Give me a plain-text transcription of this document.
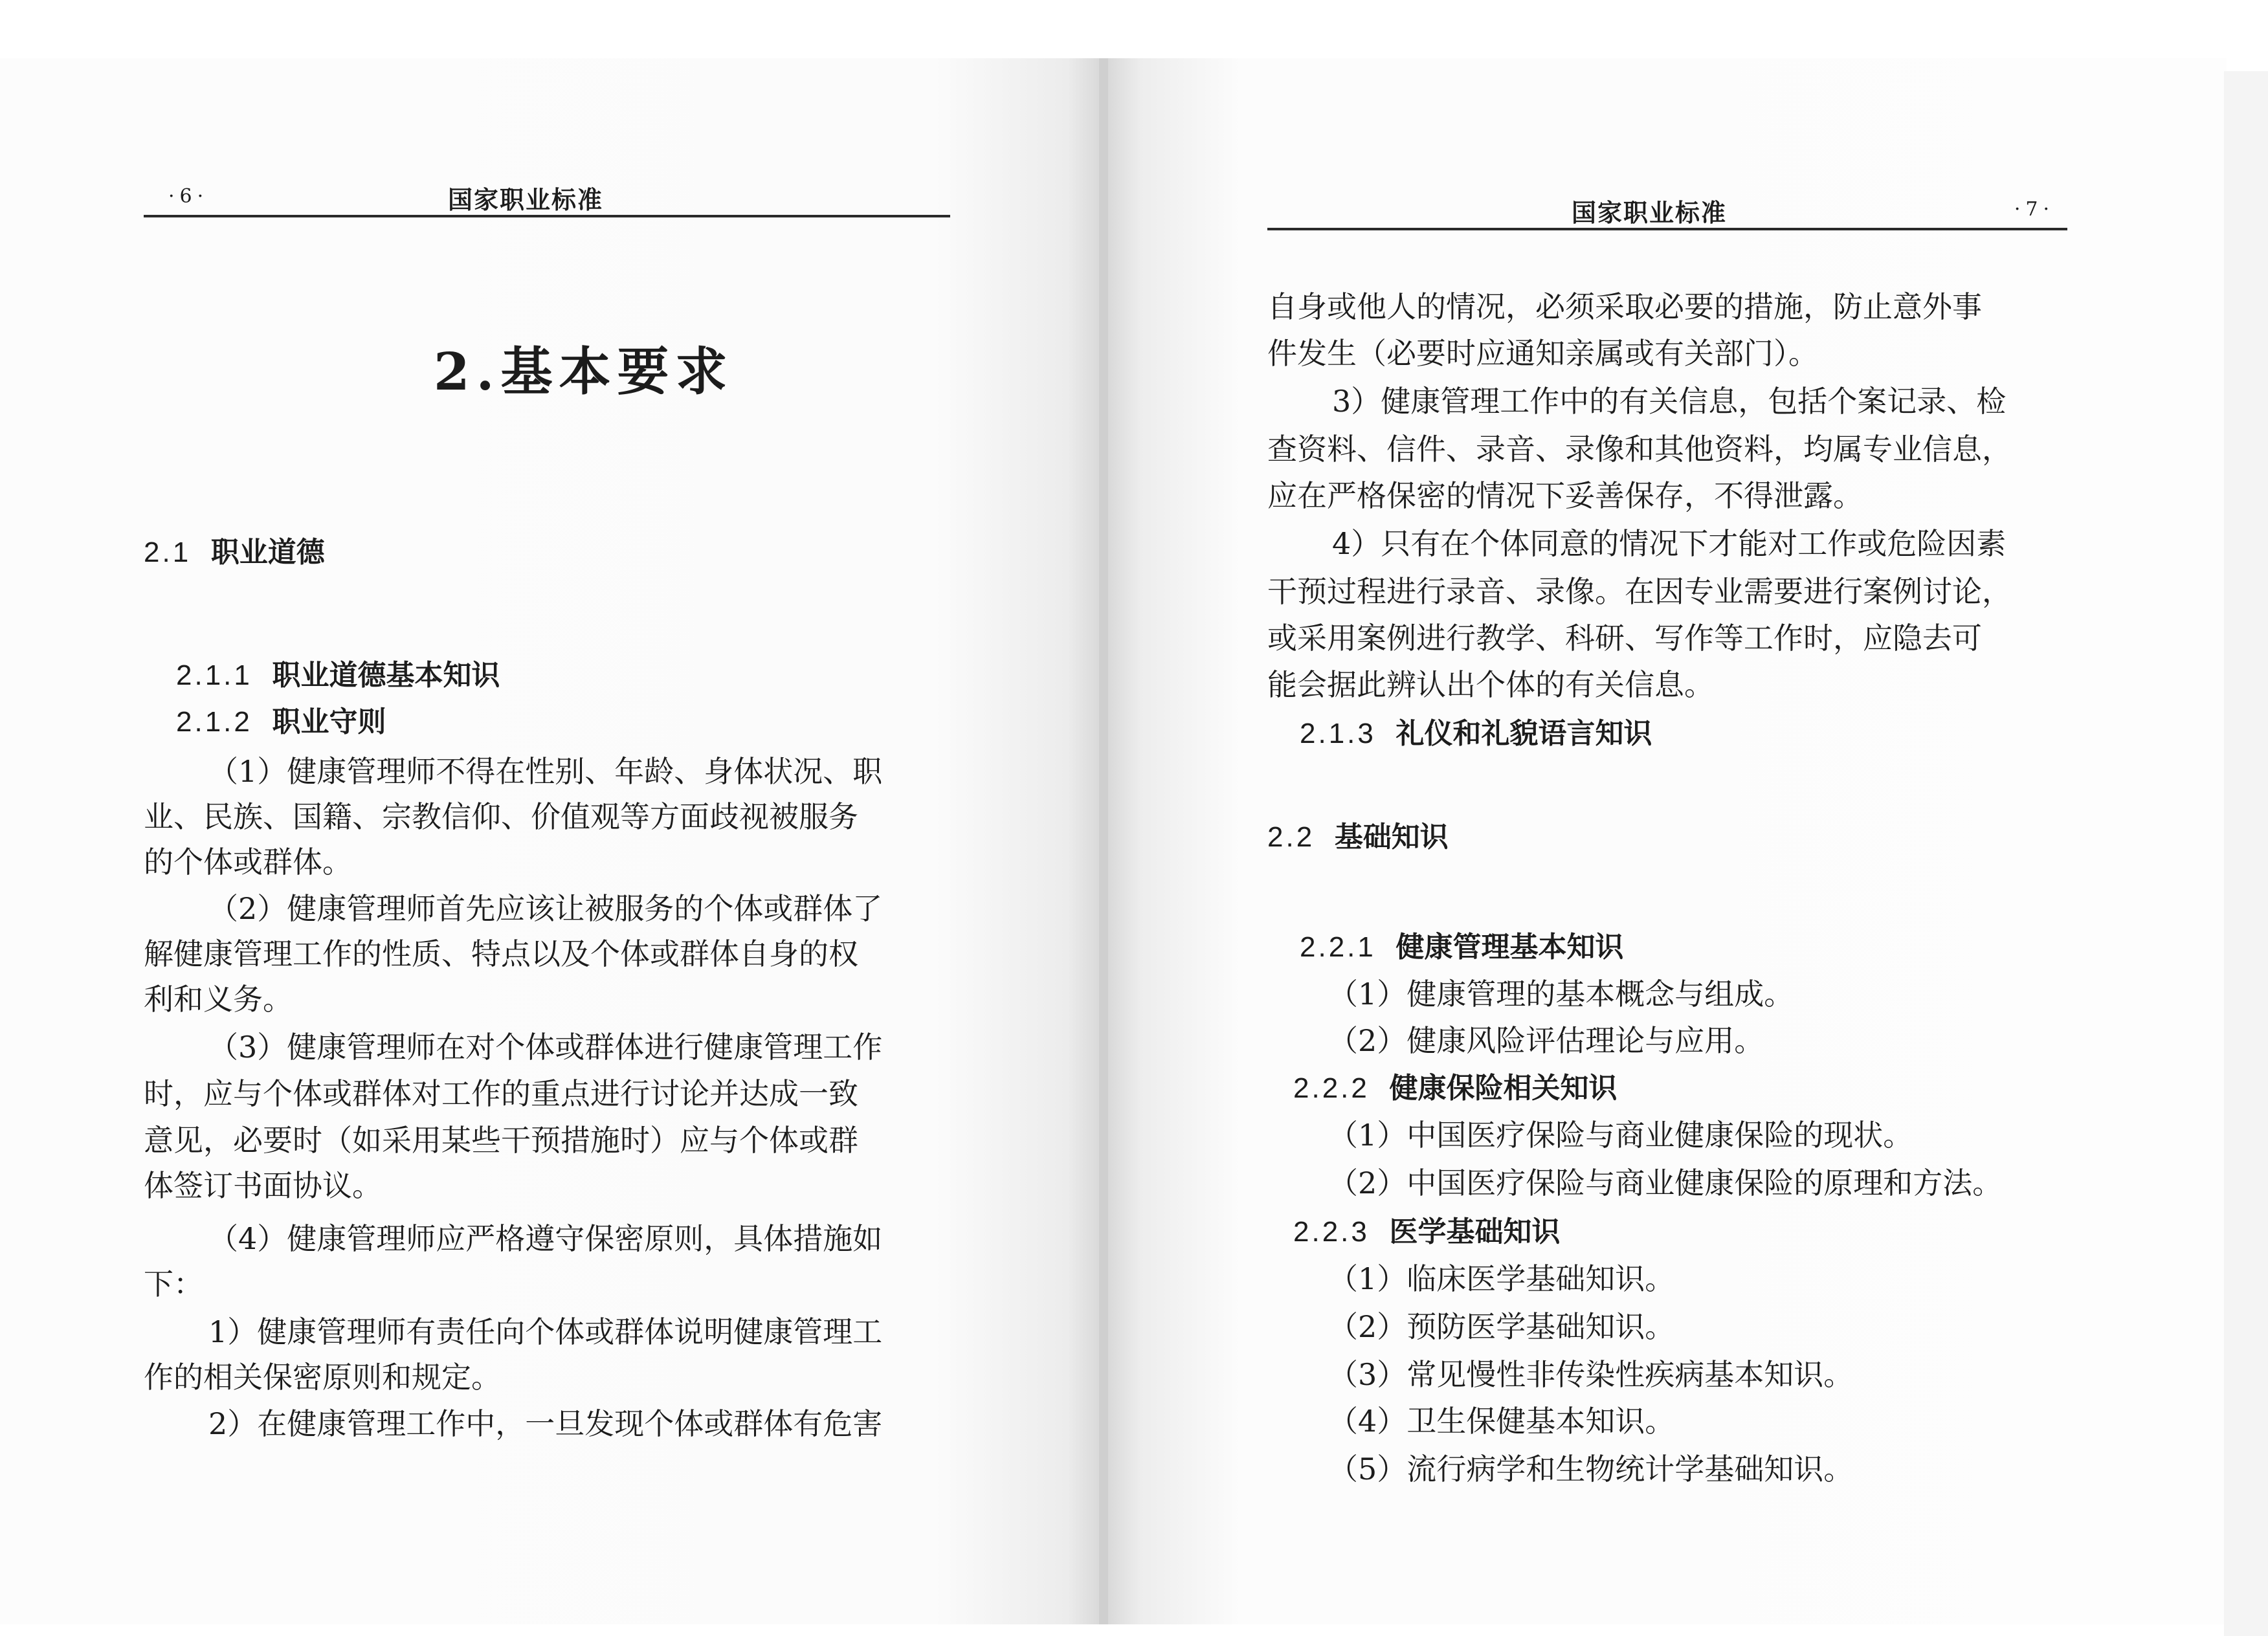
·6·	国家职业标准
2.基本要求
2.1 职业道德
2.1.1 职业道德基本知识
2.1.2 职业守则
（1）健康管理师不得在性别、年龄、身体状况、职
业、民族、国籍、宗教信仰、价值观等方面歧视被服务
的个体或群体。
（2）健康管理师首先应该让被服务的个体或群体了
解健康管理工作的性质、特点以及个体或群体自身的权
利和义务。
（3）健康管理师在对个体或群体进行健康管理工作
时，应与个体或群体对工作的重点进行讨论并达成一致
意见，必要时（如采用某些干预措施时）应与个体或群
体签订书面协议。
（4）健康管理师应严格遵守保密原则，具体措施如
下：
1）健康管理师有责任向个体或群体说明健康管理工
作的相关保密原则和规定。
2）在健康管理工作中，一旦发现个体或群体有危害
国家职业标准	·7·
自身或他人的情况，必须采取必要的措施，防止意外事
件发生（必要时应通知亲属或有关部门）。
3）健康管理工作中的有关信息，包括个案记录、检
查资料、信件、录音、录像和其他资料，均属专业信息，
应在严格保密的情况下妥善保存，不得泄露。
4）只有在个体同意的情况下才能对工作或危险因素
干预过程进行录音、录像。在因专业需要进行案例讨论，
或采用案例进行教学、科研、写作等工作时，应隐去可
能会据此辨认出个体的有关信息。
2.1.3 礼仪和礼貌语言知识
2.2 基础知识
2.2.1 健康管理基本知识
（1）健康管理的基本概念与组成。
（2）健康风险评估理论与应用。
2.2.2 健康保险相关知识
（1）中国医疗保险与商业健康保险的现状。
（2）中国医疗保险与商业健康保险的原理和方法。
2.2.3 医学基础知识
（1）临床医学基础知识。
（2）预防医学基础知识。
（3）常见慢性非传染性疾病基本知识。
（4）卫生保健基本知识。
（5）流行病学和生物统计学基础知识。
